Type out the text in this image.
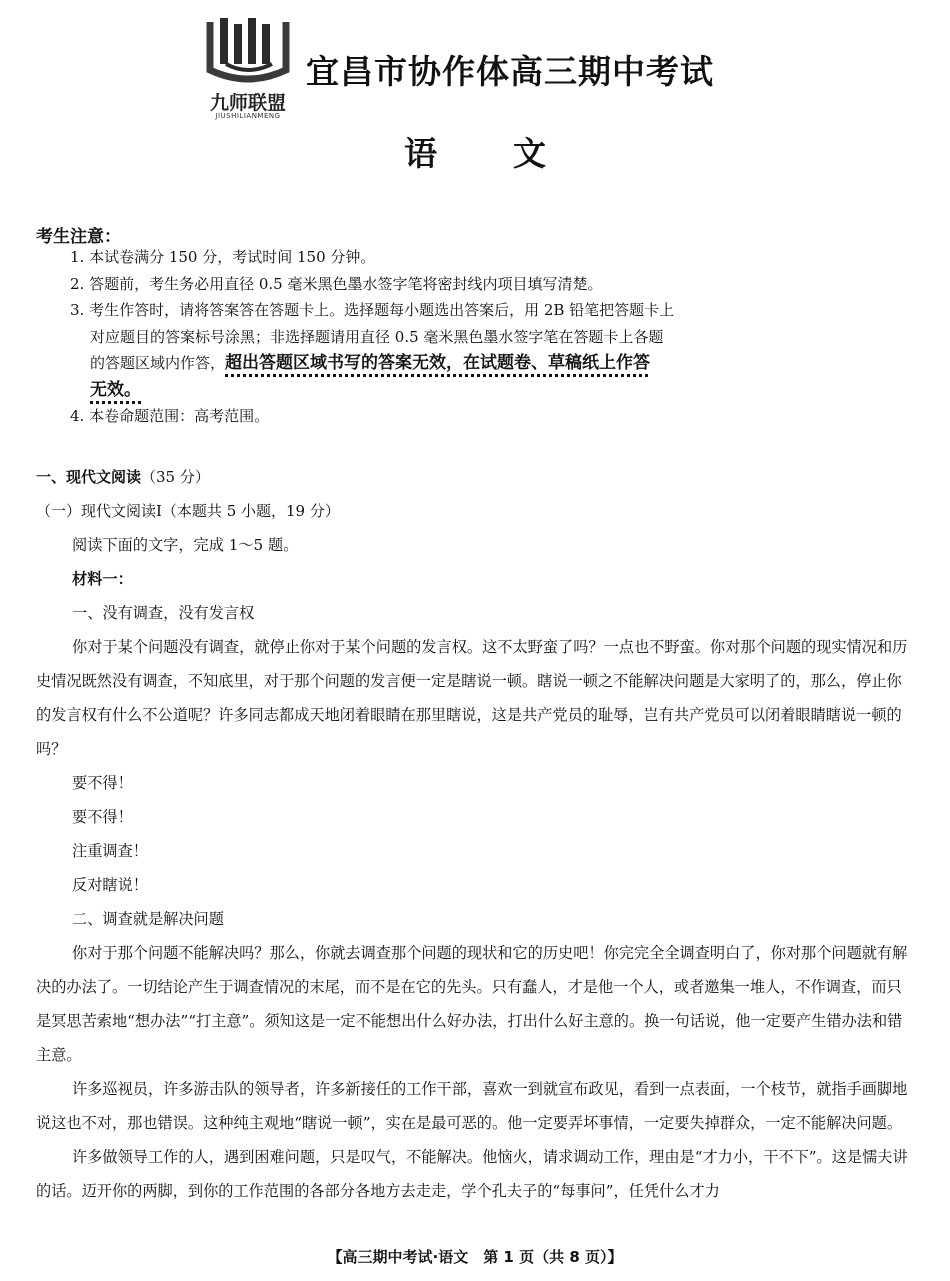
九师联盟
JIUSHILIANMENG
宜昌市协作体高三期中考试
语 文
考生注意：

1. 本试卷满分 150 分，考试时间 150 分钟。

2. 答题前，考生务必用直径 0.5 毫米黑色墨水签字笔将密封线内项目填写清楚。

3. 考生作答时，请将答案答在答题卡上。选择题每小题选出答案后，用 2B 铅笔把答题卡上

对应题目的答案标号涂黑；非选择题请用直径 0.5 毫米黑色墨水签字笔在答题卡上各题

的答题区域内作答，超出答题区域书写的答案无效，在试题卷、草稿纸上作答

无效。

4. 本卷命题范围：高考范围。

一、现代文阅读（35 分）
（一）现代文阅读Ⅰ（本题共 5 小题，19 分）

阅读下面的文字，完成 1～5 题。

材料一：

一、没有调查，没有发言权

你对于某个问题没有调查，就停止你对于某个问题的发言权。这不太野蛮了吗？一点也不野蛮。你对那个问题的现实情况和历史情况既然没有调查，不知底里，对于那个问题的发言便一定是瞎说一顿。瞎说一顿之不能解决问题是大家明了的，那么，停止你的发言权有什么不公道呢？许多同志都成天地闭着眼睛在那里瞎说，这是共产党员的耻辱，岂有共产党员可以闭着眼睛瞎说一顿的吗？

要不得！

要不得！

注重调查！

反对瞎说！

二、调查就是解决问题

你对于那个问题不能解决吗？那么，你就去调查那个问题的现状和它的历史吧！你完完全全调查明白了，你对那个问题就有解决的办法了。一切结论产生于调查情况的末尾，而不是在它的先头。只有蠢人，才是他一个人，或者邀集一堆人，不作调查，而只是冥思苦索地“想办法”“打主意”。须知这是一定不能想出什么好办法，打出什么好主意的。换一句话说，他一定要产生错办法和错主意。

许多巡视员，许多游击队的领导者，许多新接任的工作干部，喜欢一到就宣布政见，看到一点表面，一个枝节，就指手画脚地说这也不对，那也错误。这种纯主观地“瞎说一顿”，实在是最可恶的。他一定要弄坏事情，一定要失掉群众，一定不能解决问题。

许多做领导工作的人，遇到困难问题，只是叹气，不能解决。他恼火，请求调动工作，理由是“才力小，干不下”。这是懦夫讲的话。迈开你的两脚，到你的工作范围的各部分各地方去走走，学个孔夫子的“每事问”，任凭什么才力

【高三期中考试·语文　第 1 页（共 8 页）】
